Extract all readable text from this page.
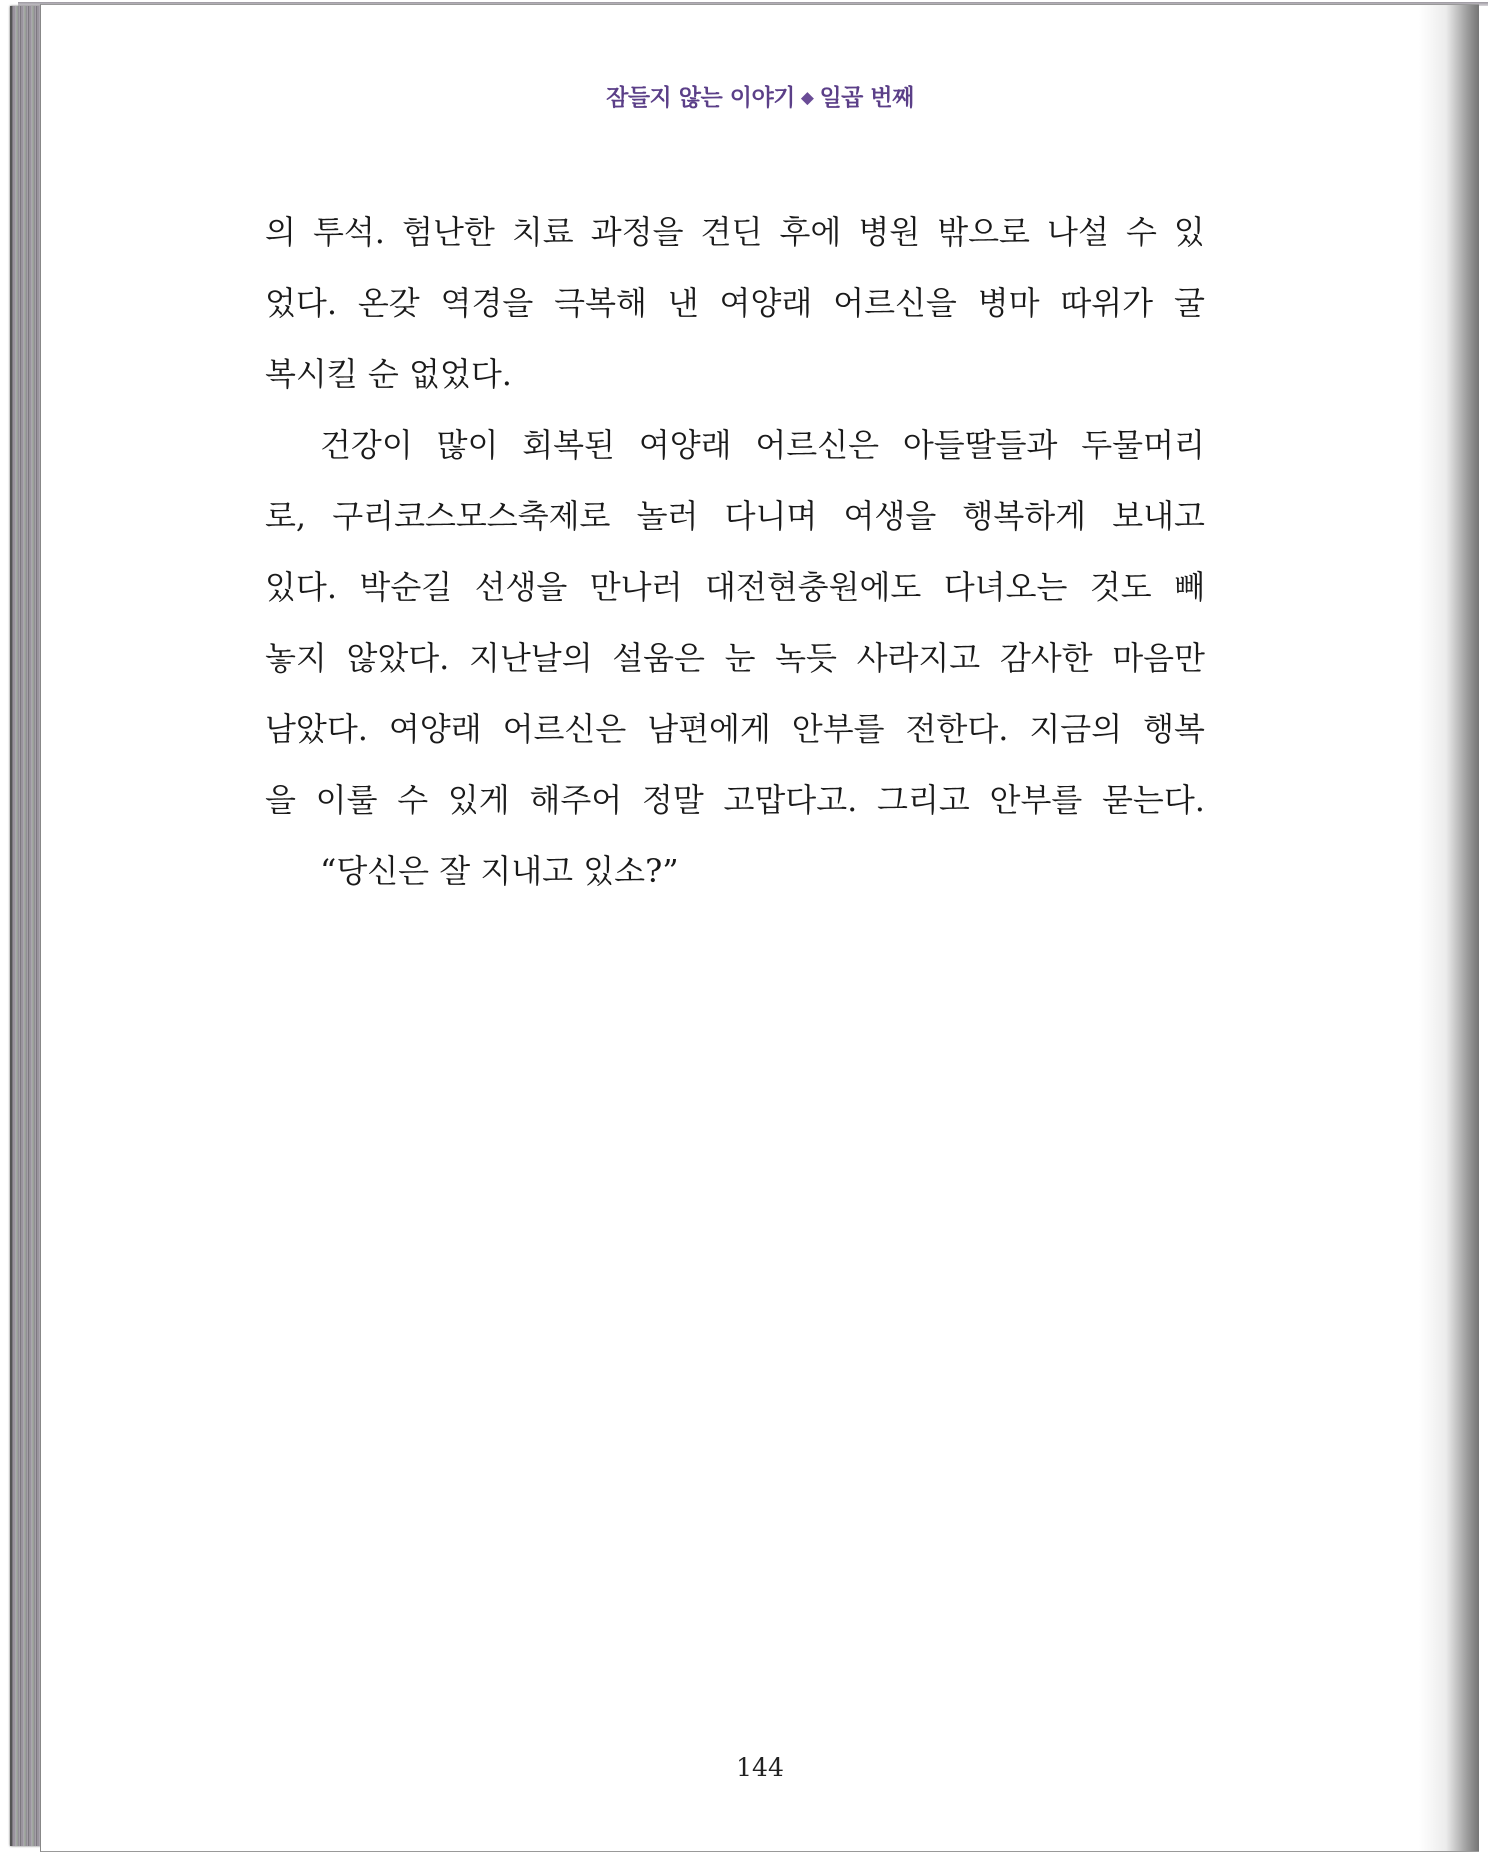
잠들지 않는 이야기 ◆ 일곱 번째
의 투석. 험난한 치료 과정을 견딘 후에 병원 밖으로 나설 수 있
었다. 온갖 역경을 극복해 낸 여양래 어르신을 병마 따위가 굴
복시킬 순 없었다.
건강이 많이 회복된 여양래 어르신은 아들딸들과 두물머리
로, 구리코스모스축제로 놀러 다니며 여생을 행복하게 보내고
있다. 박순길 선생을 만나러 대전현충원에도 다녀오는 것도 빼
놓지 않았다. 지난날의 설움은 눈 녹듯 사라지고 감사한 마음만
남았다. 여양래 어르신은 남편에게 안부를 전한다. 지금의 행복
을 이룰 수 있게 해주어 정말 고맙다고. 그리고 안부를 묻는다.
“당신은 잘 지내고 있소?”
144
